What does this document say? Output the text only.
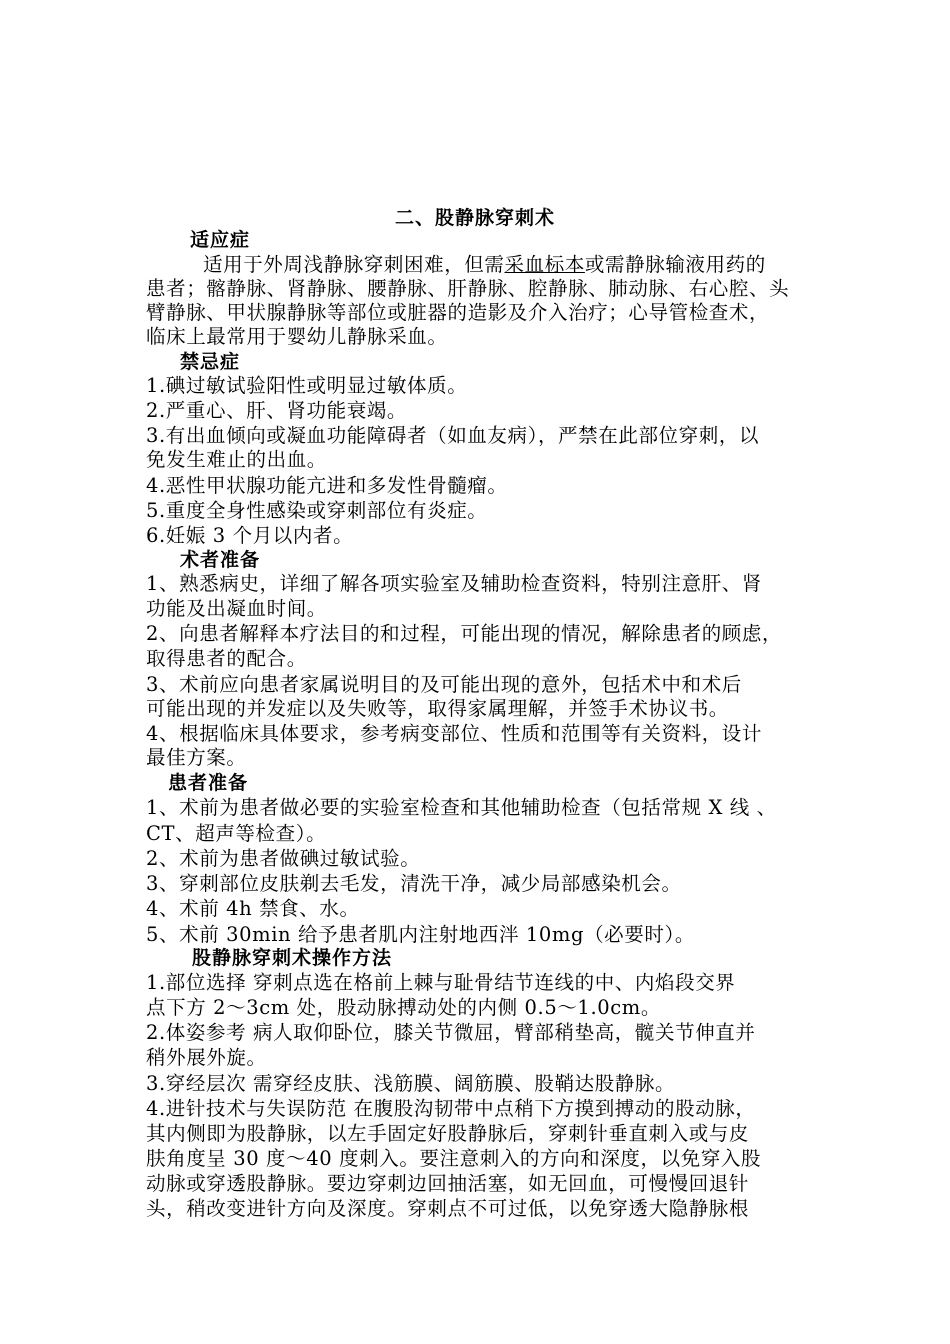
二、股静脉穿刺术
适应症
适用于外周浅静脉穿刺困难，但需采血标本或需静脉输液用药的
患者；髂静脉、肾静脉、腰静脉、肝静脉、腔静脉、肺动脉、右心腔、头
臂静脉、甲状腺静脉等部位或脏器的造影及介入治疗；心导管检查术，
临床上最常用于婴幼儿静脉采血。
禁忌症
1.碘过敏试验阳性或明显过敏体质。
2.严重心、肝、肾功能衰竭。
3.有出血倾向或凝血功能障碍者（如血友病），严禁在此部位穿刺，以
免发生难止的出血。
4.恶性甲状腺功能亢进和多发性骨髓瘤。
5.重度全身性感染或穿刺部位有炎症。
6.妊娠 3 个月以内者。
术者准备
1、熟悉病史，详细了解各项实验室及辅助检查资料，特别注意肝、肾
功能及出凝血时间。
2、向患者解释本疗法目的和过程，可能出现的情况，解除患者的顾虑，
取得患者的配合。
3、术前应向患者家属说明目的及可能出现的意外，包括术中和术后
可能出现的并发症以及失败等，取得家属理解，并签手术协议书。
4、根据临床具体要求，参考病变部位、性质和范围等有关资料，设计
最佳方案。
患者准备
1、术前为患者做必要的实验室检查和其他辅助检查（包括常规 X 线 、
CT、超声等检查）。
2、术前为患者做碘过敏试验。
3、穿刺部位皮肤剃去毛发，清洗干净，减少局部感染机会。
4、术前 4h 禁食、水。
5、术前 30min 给予患者肌内注射地西泮 10mg（必要时）。
股静脉穿刺术操作方法
1.部位选择 穿刺点选在格前上棘与耻骨结节连线的中、内焰段交界
点下方 2～3cm 处，股动脉搏动处的内侧 0.5～1.0cm。
2.体姿参考 病人取仰卧位，膝关节微屈，臂部稍垫高，髋关节伸直并
稍外展外旋。
3.穿经层次 需穿经皮肤、浅筋膜、阔筋膜、股鞘达股静脉。
4.进针技术与失误防范 在腹股沟韧带中点稍下方摸到搏动的股动脉，
其内侧即为股静脉，以左手固定好股静脉后，穿刺针垂直刺入或与皮
肤角度呈 30 度～40 度刺入。要注意刺入的方向和深度，以免穿入股
动脉或穿透股静脉。要边穿刺边回抽活塞，如无回血，可慢慢回退针
头，稍改变进针方向及深度。穿刺点不可过低，以免穿透大隐静脉根
